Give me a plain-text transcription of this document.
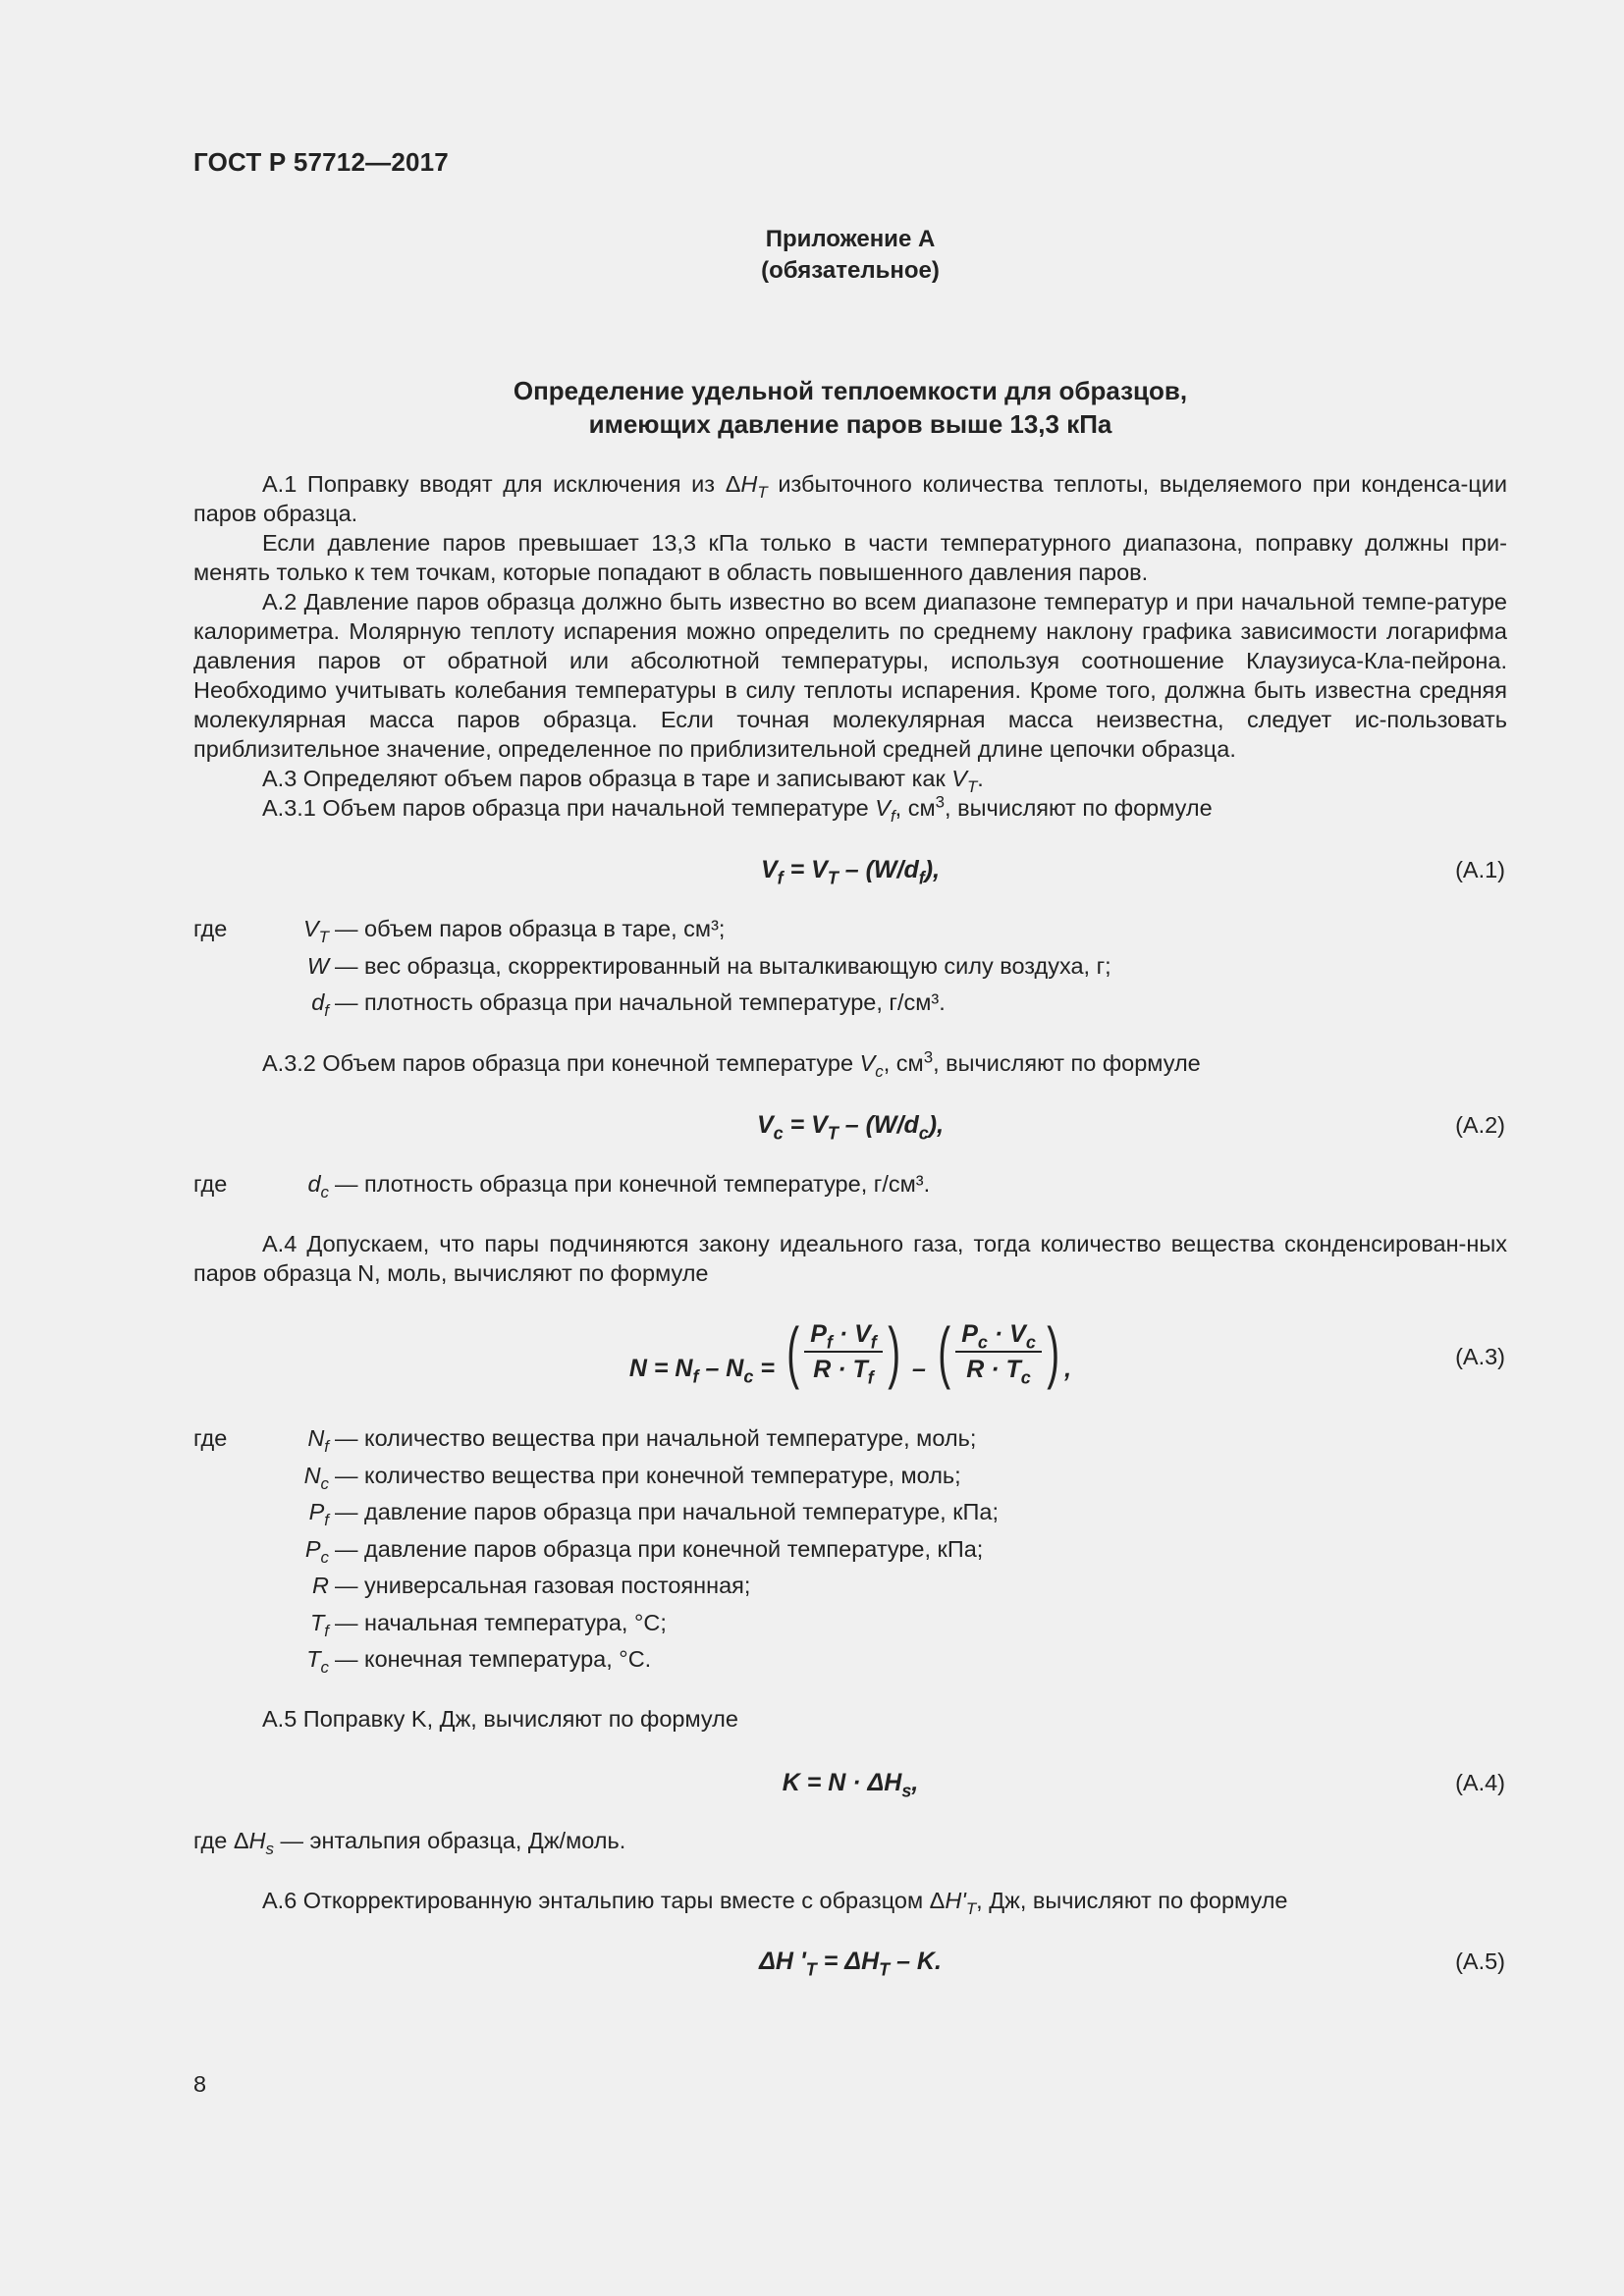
ГОСТ Р 57712—2017
Приложение А
(обязательное)
Определение удельной теплоемкости для образцов,
имеющих давление паров выше 13,3 кПа
А.1 Поправку вводят для исключения из $\Delta H_T$ избыточного количества теплоты, выделяемого при конденса-ции паров образца.
Если давление паров превышает 13,3 кПа только в части температурного диапазона, поправку должны при-менять только к тем точкам, которые попадают в область повышенного давления паров.
А.2 Давление паров образца должно быть известно во всем диапазоне температур и при начальной темпе-ратуре калориметра. Молярную теплоту испарения можно определить по среднему наклону графика зависимости логарифма давления паров от обратной или абсолютной температуры, используя соотношение Клаузиуса-Кла-пейрона. Необходимо учитывать колебания температуры в силу теплоты испарения. Кроме того, должна быть известна средняя молекулярная масса паров образца. Если точная молекулярная масса неизвестна, следует ис-пользовать приблизительное значение, определенное по приблизительной средней длине цепочки образца.
А.3 Определяют объем паров образца в таре и записывают как $V_T$.
А.3.1 Объем паров образца при начальной температуре $V_f$, $см^3$, вычисляют по формуле
$V_f = V_T - (W/d_f)$,	(А.1)
где	$V_T$ — объем паров образца в таре, см³;
W — вес образца, скорректированный на выталкивающую силу воздуха, г;
$d_f$ — плотность образца при начальной температуре, г/см³.
А.3.2 Объем паров образца при конечной температуре $V_c$, $см^3$, вычисляют по формуле
$V_c = V_T - (W/d_c)$,	(А.2)
где	$d_c$ — плотность образца при конечной температуре, г/см³.
А.4 Допускаем, что пары подчиняются закону идеального газа, тогда количество вещества сконденсирован-ных паров образца N, моль, вычисляют по формуле
$N = N_f - N_c$ = ( $\frac{P_f \cdot V_f}{R \cdot T_f}$ ) – ( $\frac{P_c \cdot V_c}{R \cdot T_c}$ ) ,	(А.3)
где	$N_f$ — количество вещества при начальной температуре, моль;
$N_c$ — количество вещества при конечной температуре, моль;
$P_f$ — давление паров образца при начальной температуре, кПа;
$P_c$ — давление паров образца при конечной температуре, кПа;
R — универсальная газовая постоянная;
$T_f$ — начальная температура, °С;
$T_c$ — конечная температура, °С.
А.5 Поправку K, Дж, вычисляют по формуле
$K = N \cdot \Delta H_s$,	(А.4)
где $\Delta H_s$ — энтальпия образца, Дж/моль.
А.6 Откорректированную энтальпию тары вместе с образцом $\Delta H'_T$, Дж, вычисляют по формуле
ΔH '$_T = \Delta H_T - K$.	(А.5)
8
